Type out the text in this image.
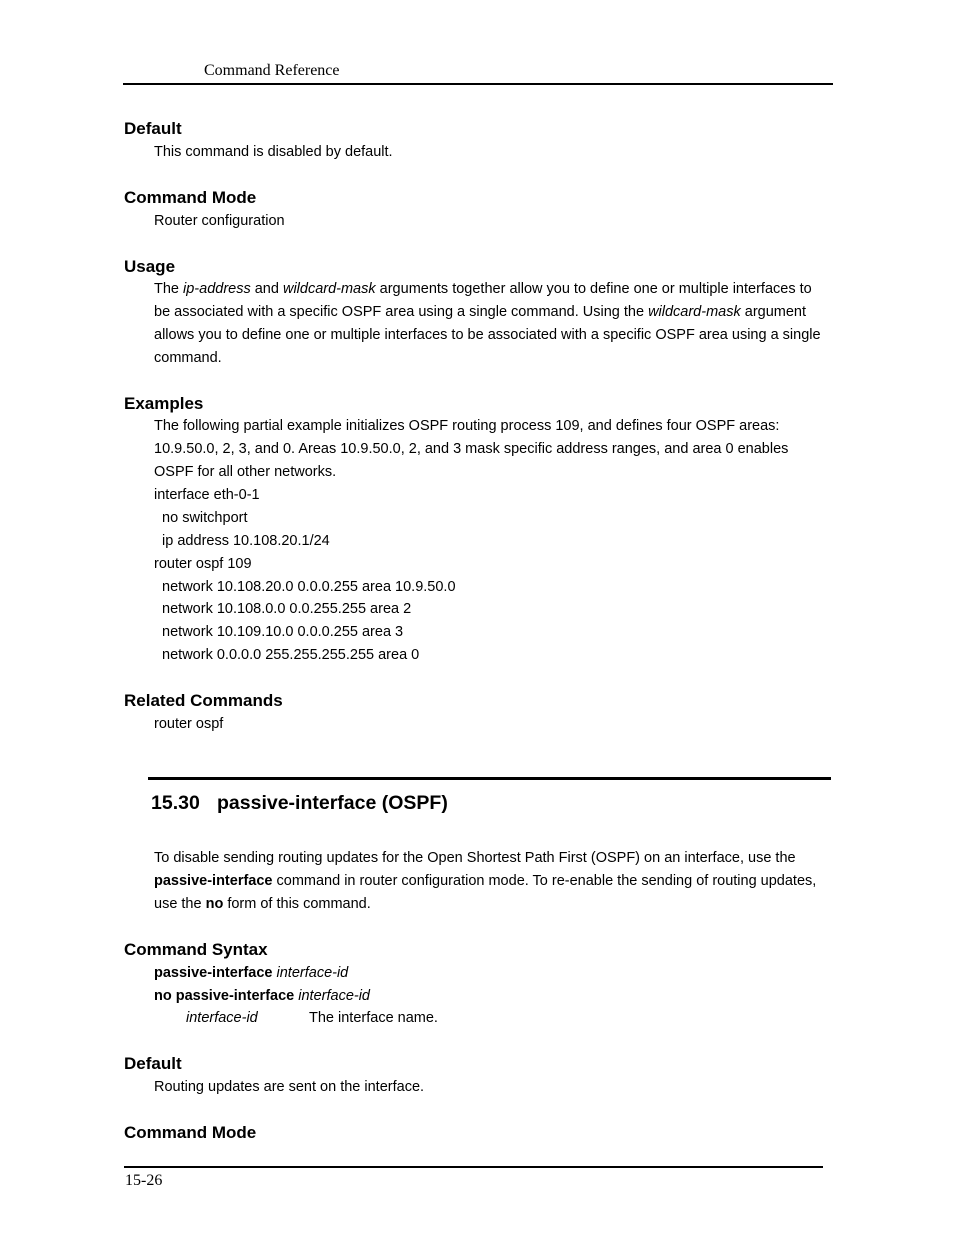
Command Reference
Default
This command is disabled by default.
Command Mode
Router configuration
Usage
The ip-address and wildcard-mask arguments together allow you to define one or multiple interfaces to
be associated with a specific OSPF area using a single command. Using the wildcard-mask argument
allows you to define one or multiple interfaces to be associated with a specific OSPF area using a single
command.
Examples
The following partial example initializes OSPF routing process 109, and defines four OSPF areas:
10.9.50.0, 2, 3, and 0. Areas 10.9.50.0, 2, and 3 mask specific address ranges, and area 0 enables
OSPF for all other networks.
interface eth-0-1
no switchport
ip address 10.108.20.1/24
router ospf 109
network 10.108.20.0 0.0.0.255 area 10.9.50.0
network 10.108.0.0 0.0.255.255 area 2
network 10.109.10.0 0.0.0.255 area 3
network 0.0.0.0 255.255.255.255 area 0
Related Commands
router ospf
15.30 passive-interface (OSPF)
To disable sending routing updates for the Open Shortest Path First (OSPF) on an interface, use the
passive-interface command in router configuration mode. To re-enable the sending of routing updates,
use the no form of this command.
Command Syntax
passive-interface interface-id
no passive-interface interface-id
interface-id	The interface name.
Default
Routing updates are sent on the interface.
Command Mode
15-26
